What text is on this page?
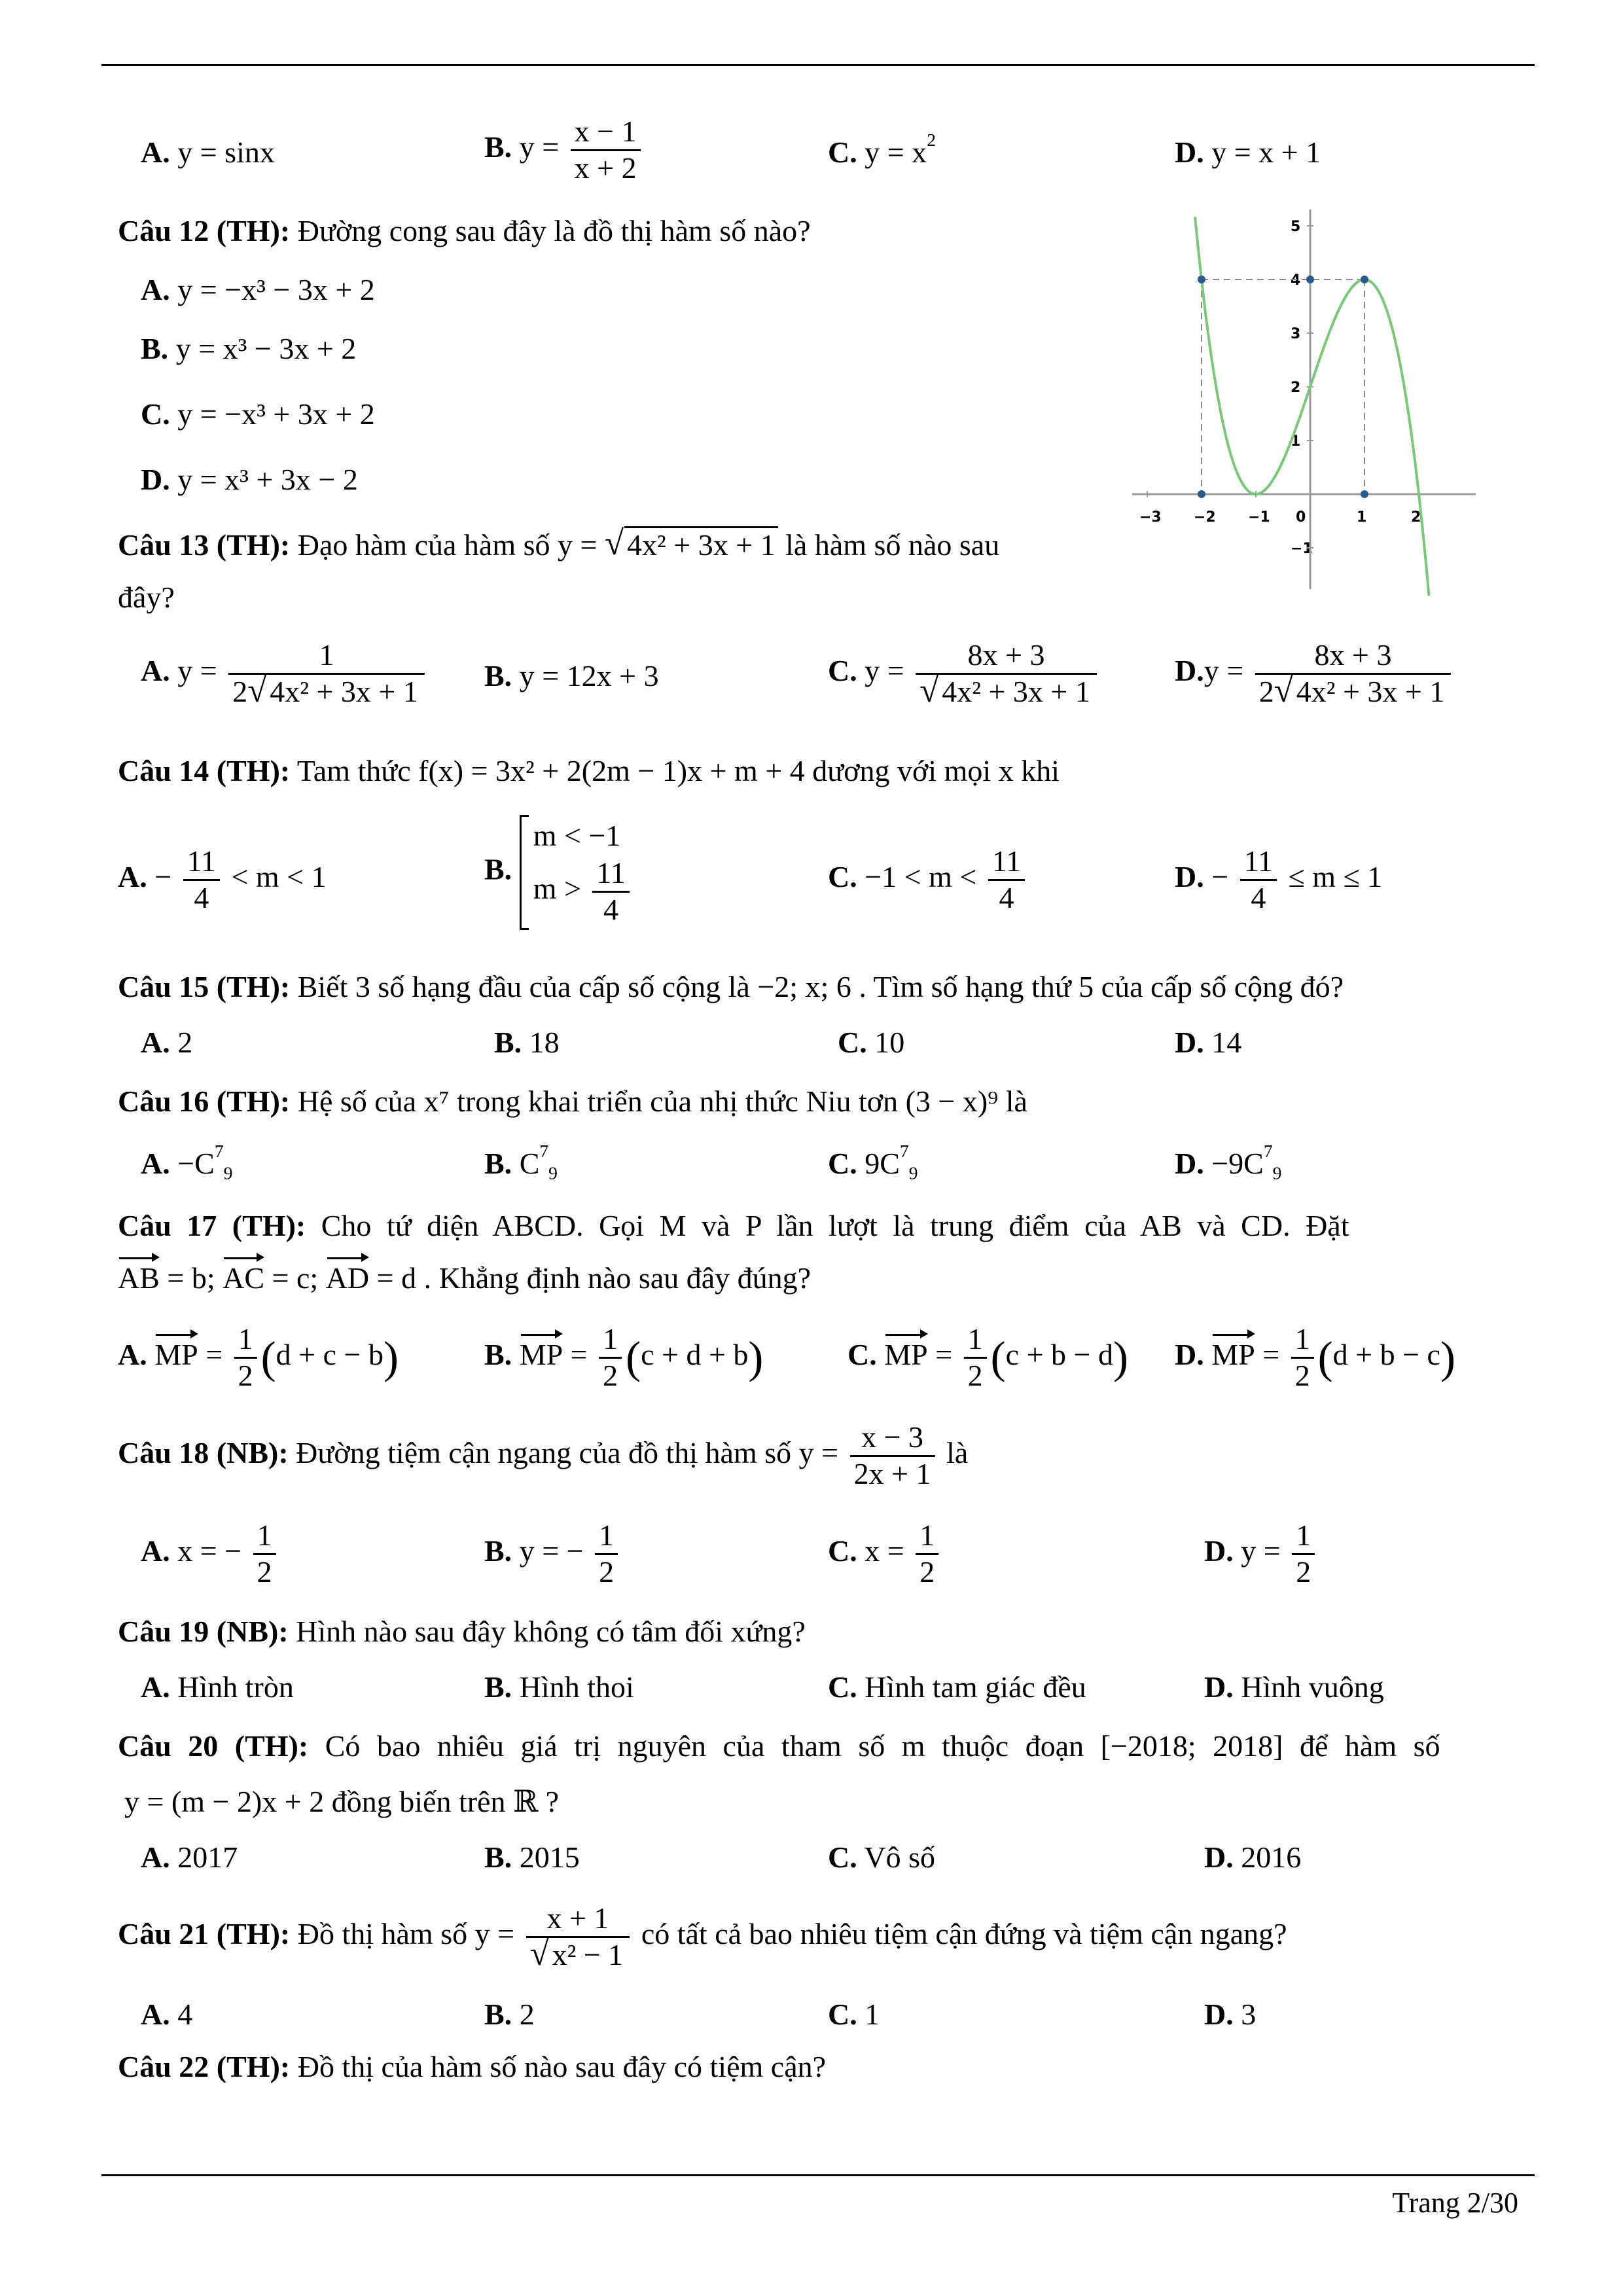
A. y = sinx	B. $y = \frac{x - 1}{x + 2}$	C. $y = x^2$	D. y = x + 1
Câu 12 (TH): Đường cong sau đây là đồ thị hàm số nào?
A. y = −x³ − 3x + 2
B. y = x³ − 3x + 2
C. y = −x³ + 3x + 2
D. y = x³ + 3x − 2
−3 −2 −1 0	1	2
5
4
3
2
1
−1
Câu 13 (TH): Đạo hàm của hàm số y = √ 4x² + 3x + 1 là hàm số nào sau
đây?
A. $y = \frac{1}{\text{2 √ 4x² + 3x + 1}} B$. y = 12x + 3	C. $y = \frac{8x + 3}{\text{√ 4x² + 3x + 1}}$	$D.y = \frac{8x + 3}{\text{2 √ 4x² + 3x + 1}}$
Câu 14 (TH): Tam thức f(x) = 3x² + 2(2m − 1)x + m + 4 dương với mọi x khi
A. − $\frac{11}{4} < m < 1$	B.
m < −1
$m > \frac{11}{4}$	C. $-1 < m < \frac{11}{4}$	D. − $\frac{11}{4} \le m \le 1$
Câu 15 (TH): Biết 3 số hạng đầu của cấp số cộng là −2; x; 6 . Tìm số hạng thứ 5 của cấp số cộng đó?
A. 2	B. 18	C. 10	D. 14
Câu 16 (TH): Hệ số của x⁷ trong khai triển của nhị thức Niu tơn (3 − x)⁹ là
A. $-C^7_9$	B. $C^7_9$	C. $9C^7_9$	D. $-9C^7_9$
Câu 17 (TH): Cho tứ diện ABCD. Gọi M và P lần lượt là trung điểm của AB và CD. Đặt
AB = b; AC = c; AD = d . Khẳng định nào sau đây đúng?
A. MP = $\frac{1}{2} (d + c - b)$	B. MP = $\frac{1}{2} (c + d + b)$	C. MP = $\frac{1}{2} (c + b - d)$ D. MP = $\frac{1}{2} (d + b - c)$
Câu 18 (NB): Đường tiệm cận ngang của đồ thị hàm số $y = \frac{x - 3}{2x + 1}$ là
A. x = − $\frac{1}{2}$	B. y = − $\frac{1}{2}$	C. $x = \frac{1}{2}$	D. $y = \frac{1}{2}$
Câu 19 (NB): Hình nào sau đây không có tâm đối xứng?
A. Hình tròn	B. Hình thoi	C. Hình tam giác đều	D. Hình vuông
Câu 20 (TH): Có bao nhiêu giá trị nguyên của tham số m thuộc đoạn [−2018; 2018] để hàm số
y = (m − 2)x + 2 đồng biến trên ℝ ?
A. 2017	B. 2015	C. Vô số	D. 2016
Câu 21 (TH): Đồ thị hàm số $y = \frac{x + 1}{\text{√ x² − 1}}$ có tất cả bao nhiêu tiệm cận đứng và tiệm cận ngang?
A. 4	B. 2	C. 1	D. 3
Câu 22 (TH): Đồ thị của hàm số nào sau đây có tiệm cận?
Trang 2/30
